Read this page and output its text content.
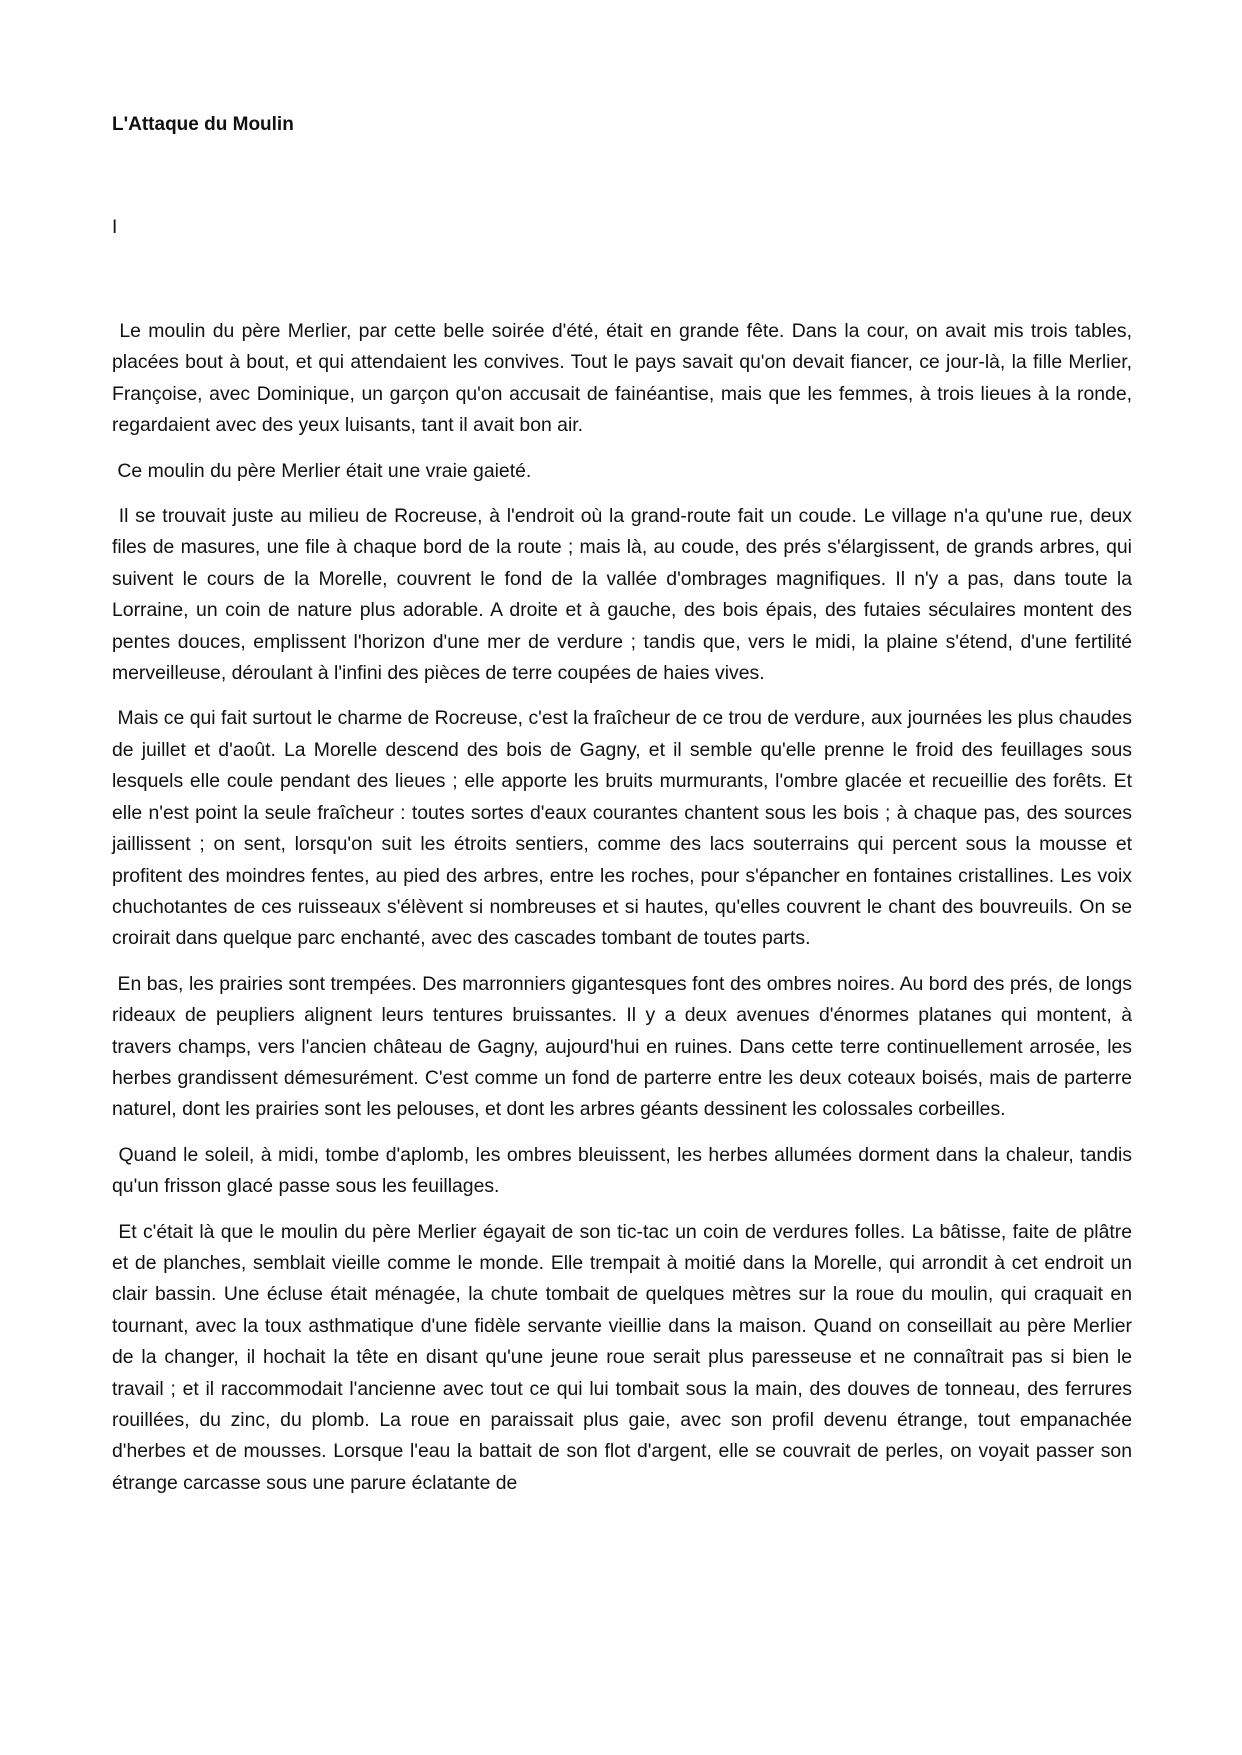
L'Attaque du Moulin

I

Le moulin du père Merlier, par cette belle soirée d'été, était en grande fête. Dans la cour, on avait mis trois tables, placées bout à bout, et qui attendaient les convives. Tout le pays savait qu'on devait fiancer, ce jour-là, la fille Merlier, Françoise, avec Dominique, un garçon qu'on accusait de fainéantise, mais que les femmes, à trois lieues à la ronde, regardaient avec des yeux luisants, tant il avait bon air.

Ce moulin du père Merlier était une vraie gaieté.

Il se trouvait juste au milieu de Rocreuse, à l'endroit où la grand-route fait un coude. Le village n'a qu'une rue, deux files de masures, une file à chaque bord de la route ; mais là, au coude, des prés s'élargissent, de grands arbres, qui suivent le cours de la Morelle, couvrent le fond de la vallée d'ombrages magnifiques. Il n'y a pas, dans toute la Lorraine, un coin de nature plus adorable. A droite et à gauche, des bois épais, des futaies séculaires montent des pentes douces, emplissent l'horizon d'une mer de verdure ; tandis que, vers le midi, la plaine s'étend, d'une fertilité merveilleuse, déroulant à l'infini des pièces de terre coupées de haies vives.

Mais ce qui fait surtout le charme de Rocreuse, c'est la fraîcheur de ce trou de verdure, aux journées les plus chaudes de juillet et d'août. La Morelle descend des bois de Gagny, et il semble qu'elle prenne le froid des feuillages sous lesquels elle coule pendant des lieues ; elle apporte les bruits murmurants, l'ombre glacée et recueillie des forêts. Et elle n'est point la seule fraîcheur : toutes sortes d'eaux courantes chantent sous les bois ; à chaque pas, des sources jaillissent ; on sent, lorsqu'on suit les étroits sentiers, comme des lacs souterrains qui percent sous la mousse et profitent des moindres fentes, au pied des arbres, entre les roches, pour s'épancher en fontaines cristallines. Les voix chuchotantes de ces ruisseaux s'élèvent si nombreuses et si hautes, qu'elles couvrent le chant des bouvreuils. On se croirait dans quelque parc enchanté, avec des cascades tombant de toutes parts.

En bas, les prairies sont trempées. Des marronniers gigantesques font des ombres noires. Au bord des prés, de longs rideaux de peupliers alignent leurs tentures bruissantes. Il y a deux avenues d'énormes platanes qui montent, à travers champs, vers l'ancien château de Gagny, aujourd'hui en ruines. Dans cette terre continuellement arrosée, les herbes grandissent démesurément. C'est comme un fond de parterre entre les deux coteaux boisés, mais de parterre naturel, dont les prairies sont les pelouses, et dont les arbres géants dessinent les colossales corbeilles.

Quand le soleil, à midi, tombe d'aplomb, les ombres bleuissent, les herbes allumées dorment dans la chaleur, tandis qu'un frisson glacé passe sous les feuillages.

Et c'était là que le moulin du père Merlier égayait de son tic-tac un coin de verdures folles. La bâtisse, faite de plâtre et de planches, semblait vieille comme le monde. Elle trempait à moitié dans la Morelle, qui arrondit à cet endroit un clair bassin. Une écluse était ménagée, la chute tombait de quelques mètres sur la roue du moulin, qui craquait en tournant, avec la toux asthmatique d'une fidèle servante vieillie dans la maison. Quand on conseillait au père Merlier de la changer, il hochait la tête en disant qu'une jeune roue serait plus paresseuse et ne connaîtrait pas si bien le travail ; et il raccommodait l'ancienne avec tout ce qui lui tombait sous la main, des douves de tonneau, des ferrures rouillées, du zinc, du plomb. La roue en paraissait plus gaie, avec son profil devenu étrange, tout empanachée d'herbes et de mousses. Lorsque l'eau la battait de son flot d'argent, elle se couvrait de perles, on voyait passer son étrange carcasse sous une parure éclatante de
